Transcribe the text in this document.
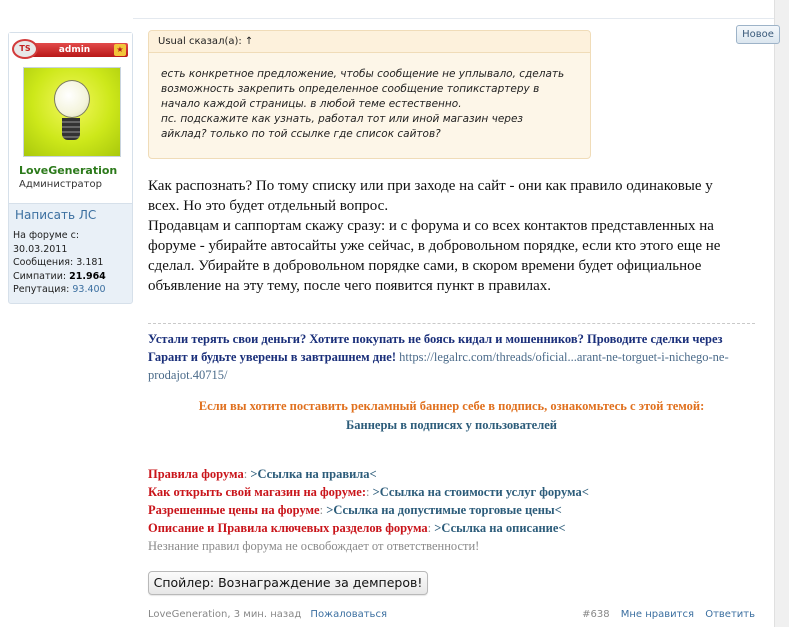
Новое
admin	★
TS
LoveGeneration
Администратор
Написать ЛС
На форуме с:
30.03.2011
Сообщения: 3.181
Симпатии: 21.964
Репутация: 93.400
Usual сказал(а): ↑
есть конкретное предложение, чтобы сообщение не уплывало, сделать
возможность закрепить определенное сообщение топикстартеру в
начало каждой страницы. в любой теме естественно.
пс. подскажите как узнать, работал тот или иной магазин через
айклад? только по той ссылке где список сайтов?

Как распознать? По тому списку или при заходе на сайт - они как правило одинаковые у всех. Но это будет отдельный вопрос.

Продавцам и саппортам скажу сразу: и с форума и со всех контактов представленных на форуме - убирайте автосайты уже сейчас, в добровольном порядке, если кто этого еще не сделал. Убирайте в добровольном порядке сами, в скором времени будет официальное объявление на эту тему, после чего появится пункт в правилах.

Устали терять свои деньги? Хотите покупать не боясь кидал и мошенников? Проводите сделки через Гарант и будьте уверены в завтрашнем дне! https://legalrc.com/threads/oficial...arant-ne-torguet-i-nichego-ne-prodajot.40715/
Если вы хотите поставить рекламный баннер себе в подпись, ознакомьтесь с этой темой:
Баннеры в подписях у пользователей
Правила форума: >Ссылка на правила<
Как открыть свой магазин на форуме:: >Ссылка на стоимости услуг форума<
Разрешенные цены на форуме: >Ссылка на допустимые торговые цены<
Описание и Правила ключевых разделов форума: >Ссылка на описание<
Незнание правил форума не освобождает от ответственности!
Спойлер: Вознаграждение за демперов!
LoveGeneration, 3 мин. назад Пожаловаться	#638 Мне нравится Ответить
